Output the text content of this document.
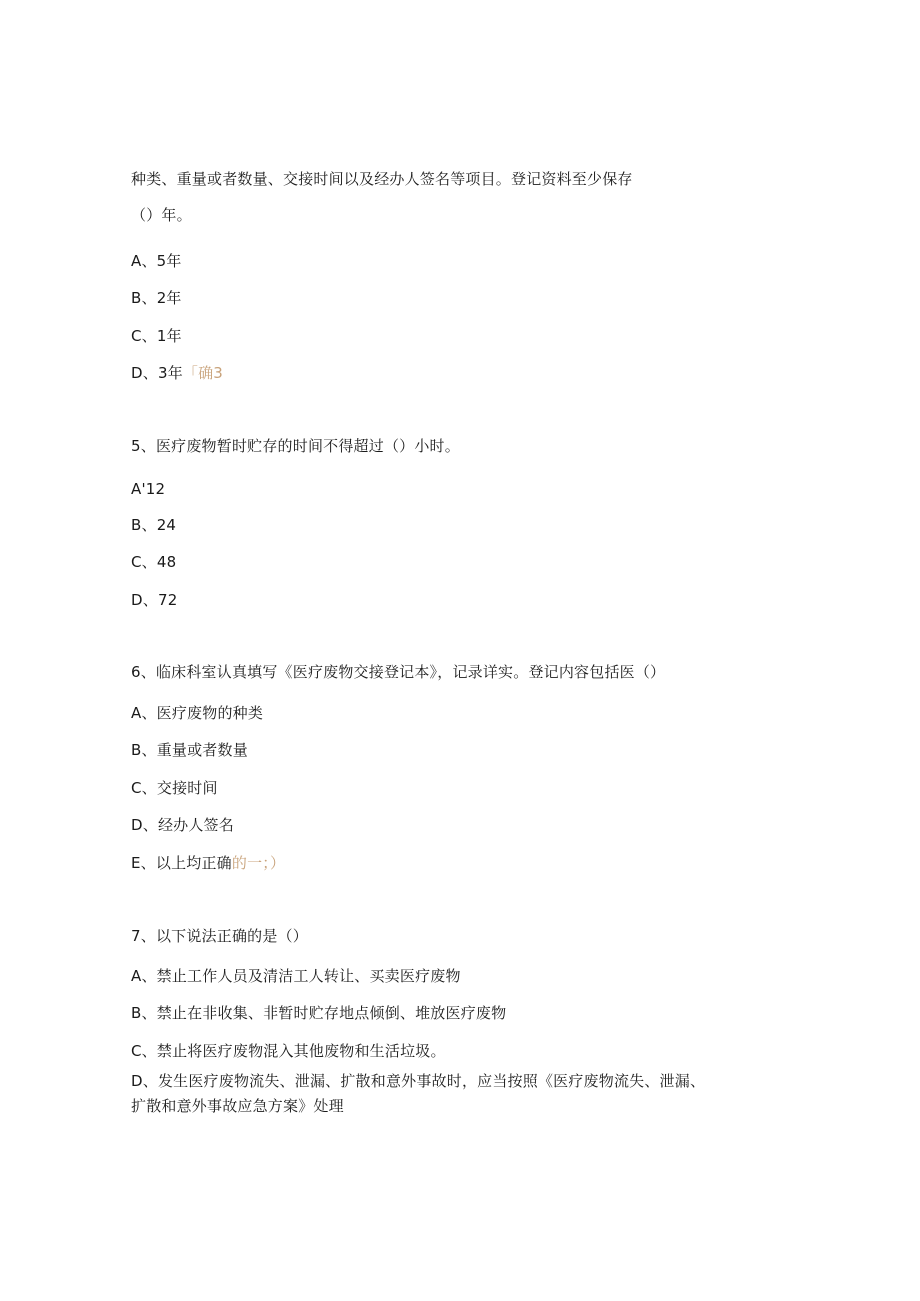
种类、重量或者数量、交接时间以及经办人签名等项目。登记资料至少保存
（）年。
A、5年
B、2年
C、1年
D、3年「确3
5、医疗废物暂时贮存的时间不得超过（）小时。
A'12
B、24
C、48
D、72
6、临床科室认真填写《医疗废物交接登记本》，记录详实。登记内容包括医（）
A、医疗废物的种类
B、重量或者数量
C、交接时间
D、经办人签名
E、以上均正确的一；）
7、以下说法正确的是（）
A、禁止工作人员及清洁工人转让、买卖医疗废物
B、禁止在非收集、非暂时贮存地点倾倒、堆放医疗废物
C、禁止将医疗废物混入其他废物和生活垃圾。
D、发生医疗废物流失、泄漏、扩散和意外事故时，应当按照《医疗废物流失、泄漏、
扩散和意外事故应急方案》处理
